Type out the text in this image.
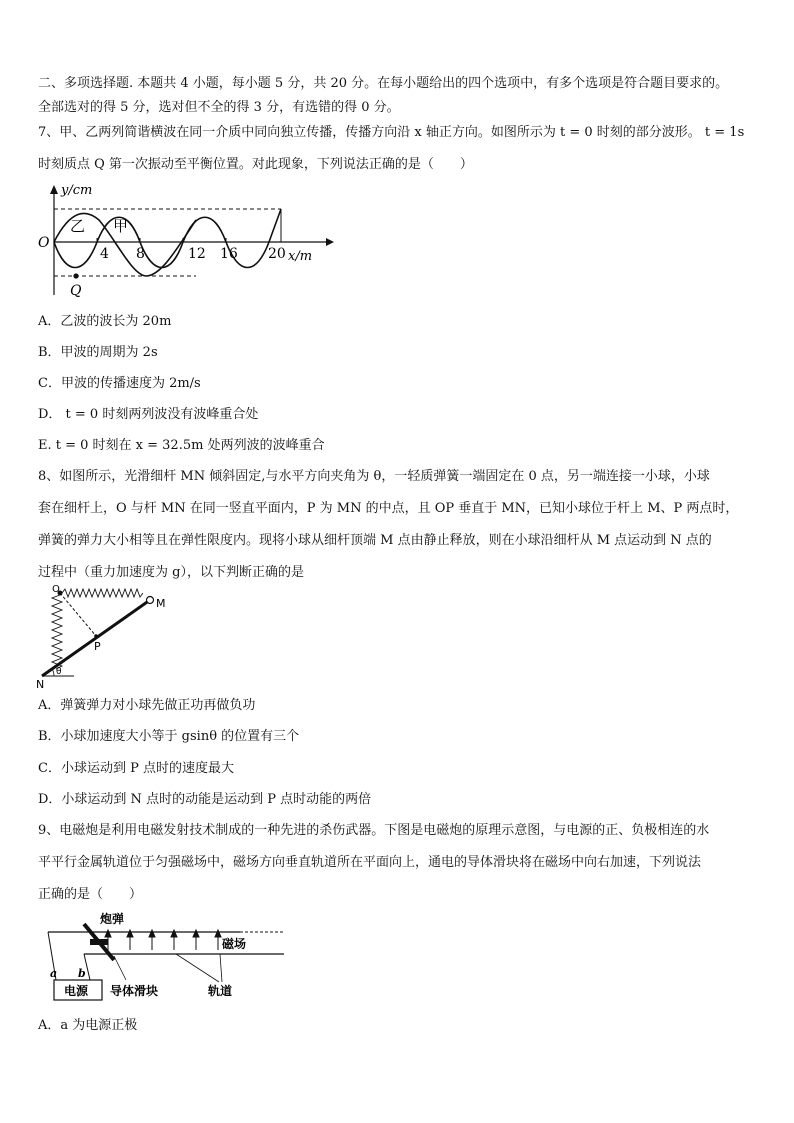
二、多项选择题. 本题共 4 小题，每小题 5 分，共 20 分。在每小题给出的四个选项中，有多个选项是符合题目要求的。
全部选对的得 5 分，选对但不全的得 3 分，有选错的得 0 分。
7、甲、乙两列简谐横波在同一介质中同向独立传播，传播方向沿 x 轴正方向。如图所示为 t = 0 时刻的部分波形。 t = 1s
时刻质点 Q 第一次振动至平衡位置。对此现象，下列说法正确的是（　　）
y/cm
x/m
O
乙 甲
Q
4 8	12 16 20
A．乙波的波长为 20m
B．甲波的周期为 2s
C．甲波的传播速度为 2m/s
D． t = 0 时刻两列波没有波峰重合处
E. t = 0 时刻在 x = 32.5m 处两列波的波峰重合
8、如图所示，光滑细杆 MN 倾斜固定,与水平方向夹角为 θ，一轻质弹簧一端固定在 0 点，另一端连接一小球，小球
套在细杆上，O 与杆 MN 在同一竖直平面内，P 为 MN 的中点，且 OP 垂直于 MN，已知小球位于杆上 M、P 两点时，
弹簧的弹力大小相等且在弹性限度内。现将小球从细杆顶端 M 点由静止释放，则在小球沿细杆从 M 点运动到 N 点的
过程中（重力加速度为 g），以下判断正确的是
O
M
P
N
θ
A．弹簧弹力对小球先做正功再做负功
B．小球加速度大小等于 gsinθ 的位置有三个
C．小球运动到 P 点时的速度最大
D．小球运动到 N 点时的动能是运动到 P 点时动能的两倍
9、电磁炮是利用电磁发射技术制成的一种先进的杀伤武器。下图是电磁炮的原理示意图，与电源的正、负极相连的水
平平行金属轨道位于匀强磁场中，磁场方向垂直轨道所在平面向上，通电的导体滑块将在磁场中向右加速，下列说法
正确的是（　　）
炮弹
磁场
a b
电源 导体滑块	轨道
A．a 为电源正极
